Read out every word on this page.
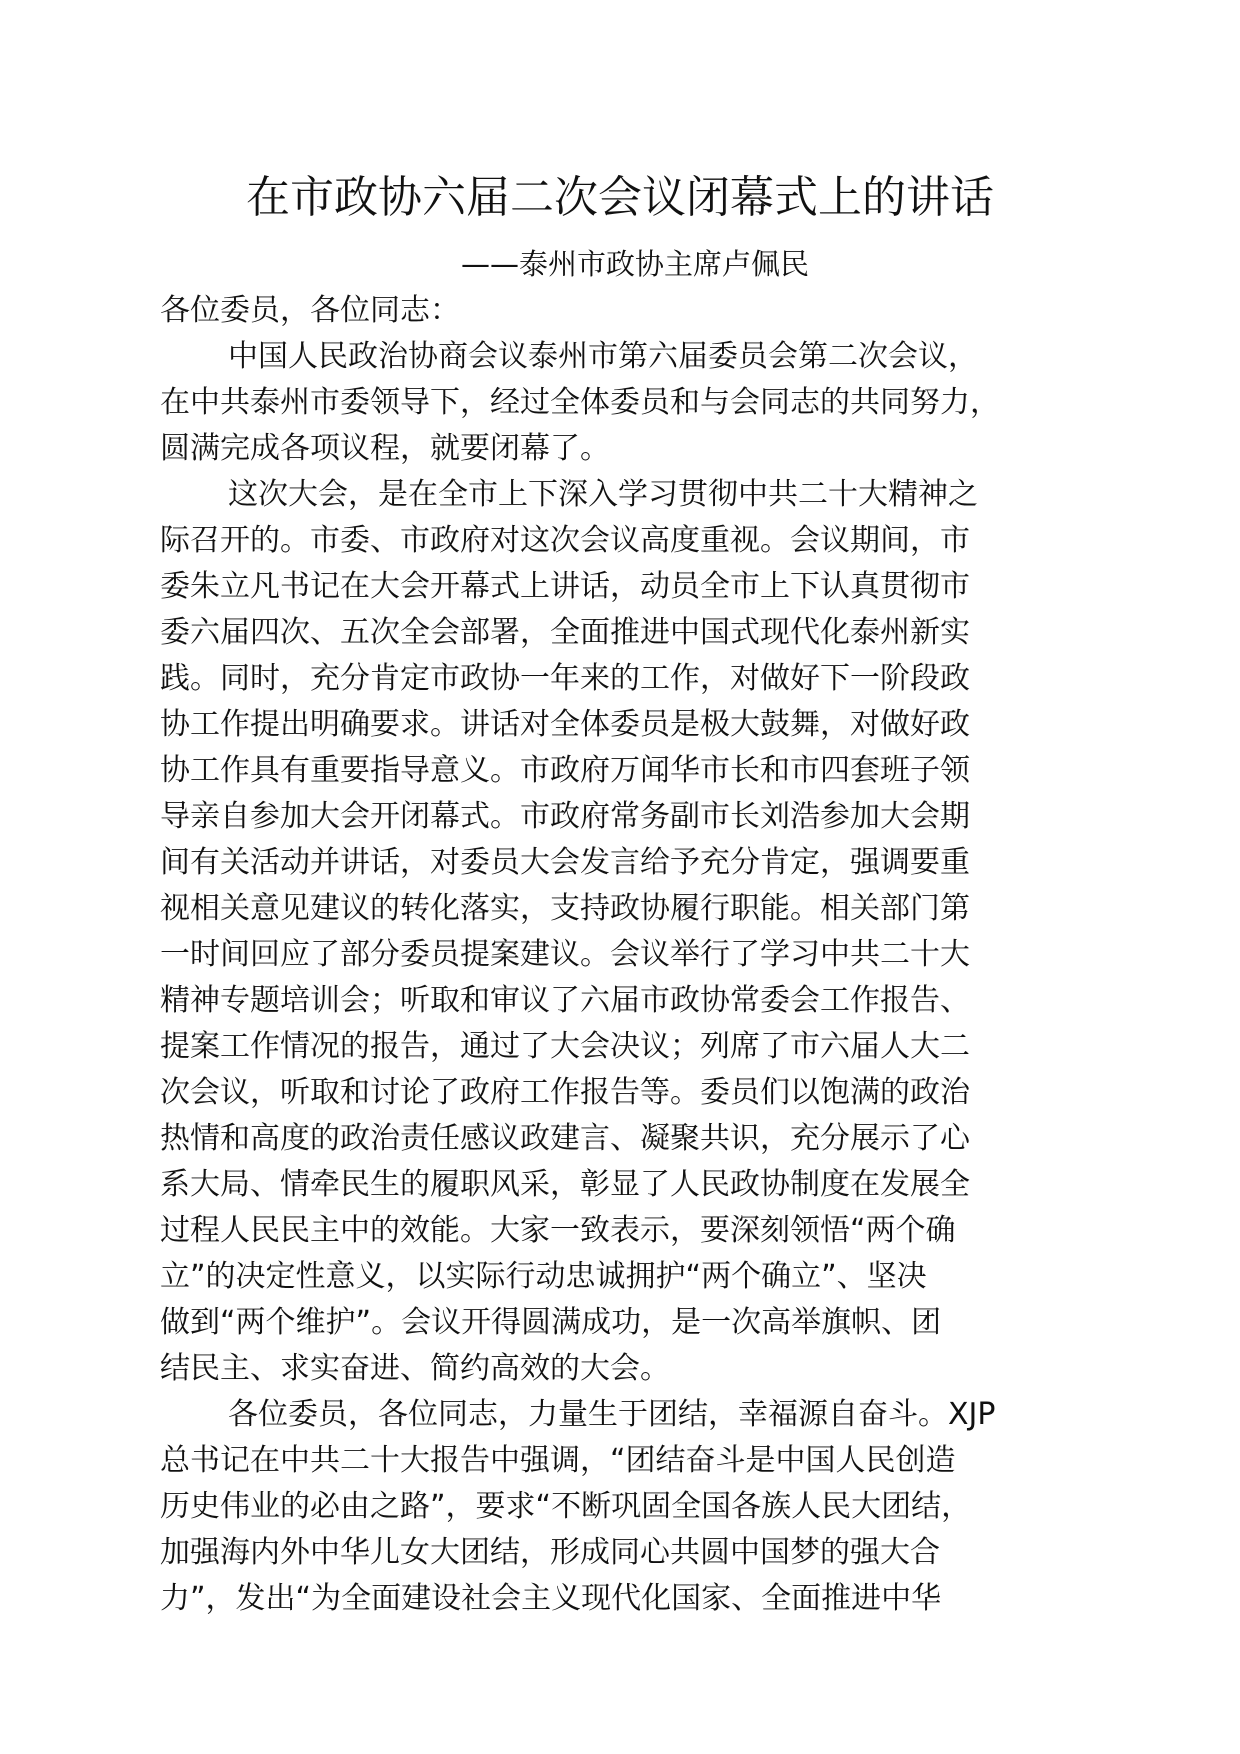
在市政协六届二次会议闭幕式上的讲话
——泰州市政协主席卢佩民
各位委员，各位同志：
中国人民政治协商会议泰州市第六届委员会第二次会议，
在中共泰州市委领导下，经过全体委员和与会同志的共同努力，
圆满完成各项议程，就要闭幕了。
这次大会，是在全市上下深入学习贯彻中共二十大精神之
际召开的。市委、市政府对这次会议高度重视。会议期间，市
委朱立凡书记在大会开幕式上讲话，动员全市上下认真贯彻市
委六届四次、五次全会部署，全面推进中国式现代化泰州新实
践。同时，充分肯定市政协一年来的工作，对做好下一阶段政
协工作提出明确要求。讲话对全体委员是极大鼓舞，对做好政
协工作具有重要指导意义。市政府万闻华市长和市四套班子领
导亲自参加大会开闭幕式。市政府常务副市长刘浩参加大会期
间有关活动并讲话，对委员大会发言给予充分肯定，强调要重
视相关意见建议的转化落实，支持政协履行职能。相关部门第
一时间回应了部分委员提案建议。会议举行了学习中共二十大
精神专题培训会；听取和审议了六届市政协常委会工作报告、
提案工作情况的报告，通过了大会决议；列席了市六届人大二
次会议，听取和讨论了政府工作报告等。委员们以饱满的政治
热情和高度的政治责任感议政建言、凝聚共识，充分展示了心
系大局、情牵民生的履职风采，彰显了人民政协制度在发展全
过程人民民主中的效能。大家一致表示，要深刻领悟“两个确
立”的决定性意义，以实际行动忠诚拥护“两个确立”、坚决
做到“两个维护”。会议开得圆满成功，是一次高举旗帜、团
结民主、求实奋进、简约高效的大会。
各位委员，各位同志，力量生于团结，幸福源自奋斗。XJP
总书记在中共二十大报告中强调，“团结奋斗是中国人民创造
历史伟业的必由之路”，要求“不断巩固全国各族人民大团结，
加强海内外中华儿女大团结，形成同心共圆中国梦的强大合
力”，发出“为全面建设社会主义现代化国家、全面推进中华
